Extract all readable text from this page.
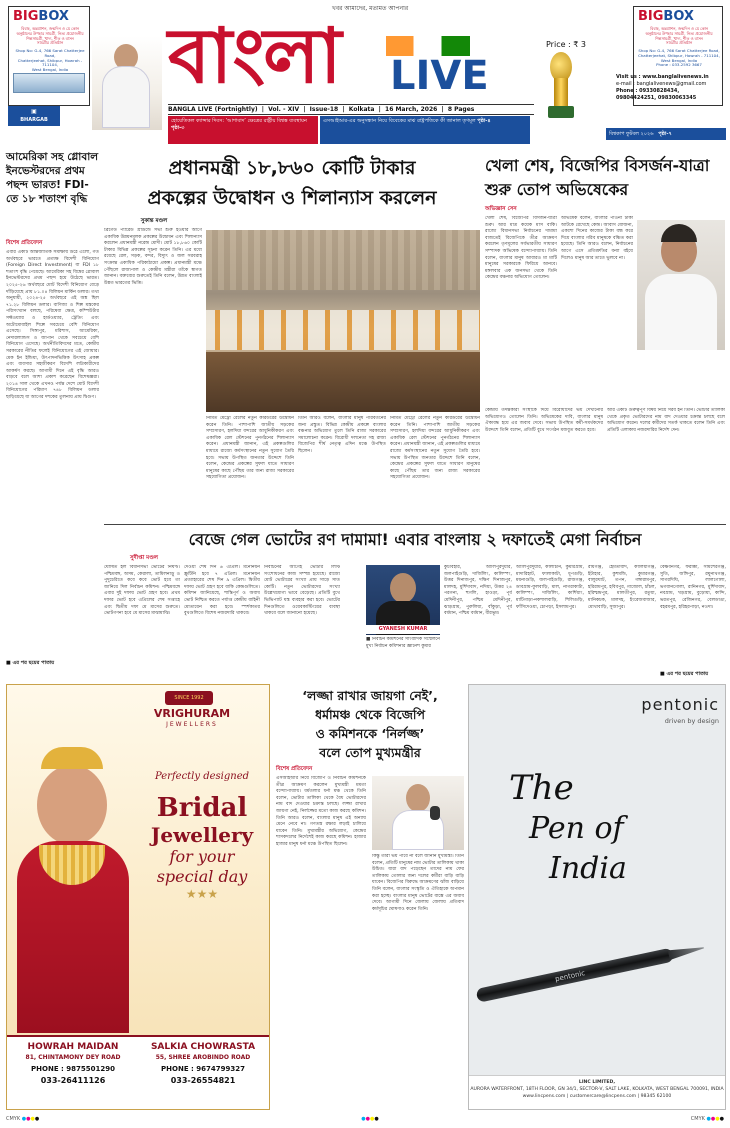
খবর আমাদের, মতামত আপনার
BIGBOX
বিবাহ, অন্নপ্রাশন, জন্মদিন ও যে কোন
অনুষ্ঠানের উপহার সামগ্রী, নিত্য প্রয়োজনীয়
শিল্পসামগ্রী, খাদ্য, শীত ও বাসন
সামগ্রীর প্রতিষ্ঠান
Shop No: G-4, 766 Sarat Chatterjee Road,
Chatterjeehat, Shibpur, Howrah - 711104,
West Bengal, India
▣
BHARGAB
বাংলা LIVE
Price : ₹ 3
BIGBOX
বিবাহ, অন্নপ্রাশন, জন্মদিন ও যে কোন
অনুষ্ঠানের উপহার সামগ্রী, নিত্য প্রয়োজনীয়
শিল্পসামগ্রী, খাদ্য, শীত ও বাসন
সামগ্রীর প্রতিষ্ঠান
Shop No: G-4, 766 Sarat Chatterjee Road,
Chatterjeehat, Shibpur, Howrah - 711104,
West Bengal, India
Phone : 033-2592 3667
Visit us : www.banglalivenews.in
e-mail : banglalivenews@gmail.com
Phone : 09330828434,
09804424251, 09830063345
BANGLA LIVE (Fortnightly)  |  Vol. - XIV  |  Issue-18  |  Kolkata  |  16 March, 2026  |  8 Pages
হোয়েতিকল ক্যান্সার দিবস: ‘আশাবাদ’ ক্ষেত্রের রাষ্ট্রীয় বিশ্বস্ত ব্যবস্থায়ন পৃষ্ঠা-৩
এসআইআর-এর অনুসন্ধান নিয়ে বিবেকের মাঝ রাষ্ট্রপতিকে কী জানাল তৃণমূল পৃষ্ঠা-৪
বিশ্বকাপ ফুটবল ২০২৬ পৃষ্ঠা-৭
আমেরিকা সহ গ্লোবাল ইনভেস্টরদের প্রথম পছন্দ ভারত! FDI-তে ১৮ শতাংশ বৃদ্ধি
বিশেষ প্রতিবেদন
এবার একটি আন্তর্জাতিক সমীক্ষায় উঠে এলো, গত অর্থবছরে ভারতে প্রত্যক্ষ বিদেশী বিনিয়োগ (Foreign Direct Investment) বা FDI ১৮ শতাংশ বৃদ্ধি পেয়েছে। আমেরিকা সহ বিশ্বের গ্লোবাল ইনভেস্টরদের প্রথম পছন্দ হয়ে উঠেছে ভারত। ২০২৫-২৬ অর্থবছরে মোট বিদেশী বিনিয়োগ বেড়ে দাঁড়িয়েছে প্রায় ৮১.০৪ বিলিয়ন মার্কিন ডলার। তথ্য অনুযায়ী, ২০২৪-২৫ অর্থবছরে এই অঙ্ক ছিল ৭১.২৮ বিলিয়ন ডলার। বাণিজ্য ও শিল্প মন্ত্রকের পরিসংখ্যান বলছে, পরিষেবা ক্ষেত্র, কম্পিউটার সফ্টওয়্যার ও হার্ডওয়্যার, ট্রেডিং এবং অটোমোবাইল শিল্পে সবচেয়ে বেশি বিনিয়োগ এসেছে। সিঙ্গাপুর, মরিশাস, আমেরিকা, নেদারল্যান্ডস ও জাপান থেকে সবচেয়ে বেশি বিনিয়োগ এসেছে। অর্থনীতিবিদদের মতে, কেন্দ্রীয় সরকারের নীতির ফলেই বিনিয়োগের এই জোয়ার। মেক ইন ইন্ডিয়া, উৎপাদনভিত্তিক উৎসাহ প্রকল্প এবং ব্যবসার সহজীকরণ বিদেশি লগ্নিকারীদের আকর্ষণ করছে। আগামী দিনে এই বৃদ্ধি আরও বাড়বে বলে আশা প্রকাশ করেছেন বিশেষজ্ঞরা। ২০১৪ সাল থেকে এখনও পর্যন্ত দেশে মোট বিদেশী বিনিয়োগের পরিমাণ ৭৪৮ বিলিয়ন ডলার ছাড়িয়েছে যা আগের দশকের তুলনায় প্রায় দ্বিগুণ।
■ এর পর ছয়ের পাতায়
প্রধানমন্ত্রী ১৮,৮৬০ কোটি টাকার
প্রকল্পের উদ্বোধন ও শিলান্যাস করলেন
সুকান্ত মণ্ডল
ব্রিগেড প্যারেড গ্রাউন্ডে সভা শুরু হওয়ার আগে একাধিক উন্নয়নমূলক প্রকল্পের উদ্বোধন এবং শিলান্যাস করলেন প্রধানমন্ত্রী নরেন্দ্র মোদী। মোট ১৮,৮৬০ কোটি টাকার বিভিন্ন প্রকল্পের সূচনা করেন তিনি। এর মধ্যে রয়েছে রেল, সড়ক, বন্দর, বিদ্যুৎ ও জল সরবরাহ সংক্রান্ত একাধিক পরিকাঠামো প্রকল্প। প্রধানমন্ত্রী মঞ্চে পৌঁছলে রাজ্যপাল ও কেন্দ্রীয় মন্ত্রীরা তাঁকে স্বাগত জানান। বক্তব্যের শুরুতেই তিনি বলেন, উন্নত বাংলাই উন্নত ভারতের ভিত্তি।
নির্মিত মেট্রো রেলের নতুন করিডরের উদ্বোধন করেন তিনি। পাশাপাশি জাতীয় সড়কের সম্প্রসারণ, হলদিয়া বন্দরের আধুনিকীকরণ এবং একাধিক রেল স্টেশনের পুনর্গঠনের শিলান্যাস করেন। প্রধানমন্ত্রী জানান, এই প্রকল্পগুলির মাধ্যমে রাজ্যে কর্মসংস্থানের নতুন সুযোগ তৈরি হবে। সভায় উপস্থিত জনতার উদ্দেশে তিনি বলেন, কেন্দ্রের প্রকল্পের সুফল যাতে সাধারণ মানুষের কাছে পৌঁছয় তার জন্য রাজ্য সরকারের সহযোগিতা প্রয়োজন।
তিনি আরও বলেন, বাংলার মানুষ পরিবর্তনের জন্য প্রস্তুত। বিভিন্ন কেন্দ্রীয় প্রকল্পে বাংলার বঞ্চনার অভিযোগ তুলে তিনি রাজ্য সরকারের সমালোচনা করেন। বিরোধী দলনেতা সহ রাজ্য বিজেপির শীর্ষ নেতৃত্ব এদিন মঞ্চে উপস্থিত ছিলেন।
নির্মিত মেট্রো রেলের নতুন করিডরের উদ্বোধন করেন তিনি। পাশাপাশি জাতীয় সড়কের সম্প্রসারণ, হলদিয়া বন্দরের আধুনিকীকরণ এবং একাধিক রেল স্টেশনের পুনর্গঠনের শিলান্যাস করেন। প্রধানমন্ত্রী জানান, এই প্রকল্পগুলির মাধ্যমে রাজ্যে কর্মসংস্থানের নতুন সুযোগ তৈরি হবে। সভায় উপস্থিত জনতার উদ্দেশে তিনি বলেন, কেন্দ্রের প্রকল্পের সুফল যাতে সাধারণ মানুষের কাছে পৌঁছয় তার জন্য রাজ্য সরকারের সহযোগিতা প্রয়োজন।
খেলা শেষ, বিজেপির বিসর্জন-যাত্রা শুরু তোপ অভিষেকের
অভিজ্ঞান সেন
খেলা শেষ, বিজেপির বিসর্জন-যাত্রা শুরু। আর মাত্র কয়েক মাস বাকি। রাজ্যে বিধানসভা নির্বাচনের দামামা বাজতেই বিজেপিকে তীব্র আক্রমণ করলেন তৃণমূলের সর্বভারতীয় সাধারণ সম্পাদক অভিষেক বন্দ্যোপাধ্যায়। তিনি বলেন, বাংলার মানুষ আবারও মা মাটি মানুষের সরকারকে ফিরিয়ে আনবে। মঙ্গলবার এক জনসভা থেকে তিনি কেন্দ্রের বঞ্চনার অভিযোগ তোলেন।
অভিষেক বলেন, বাংলার পাওনা টাকা আটকে রেখেছে কেন্দ্র। আবাস যোজনা, একশো দিনের কাজের টাকা বন্ধ করে দিয়ে বাংলার গরিব মানুষকে বঞ্চিত করা হয়েছে। তিনি আরও বলেন, নির্বাচনের আগে এসে প্রতিশ্রুতির বন্যা বইয়ে দিলেও মানুষ আর তাতে ভুলবে না।
কেন্দ্রীয় তদন্তকারী সংস্থাকে দিয়ে বিরোধীদের ভয় দেখানোর অভিযোগও তোলেন তিনি। অভিষেকের দাবি, বাংলার মানুষ ঐক্যবদ্ধ হয়ে এর জবাব দেবে। সভায় উপস্থিত কর্মী-সমর্থকদের উদ্দেশে তিনি বলেন, প্রতিটি বুথে সংগঠন মজবুত করতে হবে।
আর একটি গুরুত্বপূর্ণ বিষয় নিয়ে সরব হন তিনি। ভোটার তালিকা থেকে প্রকৃত ভোটারদের নাম বাদ দেওয়ার চক্রান্ত চলছে বলে অভিযোগ করেন। দলের কর্মীদের সতর্ক থাকতে বলেন তিনি এবং প্রতিটি এলাকায় নজরদারির নির্দেশ দেন।
বেজে গেল ভোটের রণ দামামা! এবার বাংলায় ২ দফাতেই মেগা নির্বাচন
সুদীপ্তা মণ্ডল
ঘোষিত হল বিধানসভা ভোটের নির্ঘণ্ট। পশ্চিমবঙ্গ, অসম, কেরালা, তামিলনাড়ু ও পুদুচেরিতে কবে কবে ভোট হবে তা জানিয়ে দিল নির্বাচন কমিশন। পশ্চিমবঙ্গে এবার দুই দফায় ভোট গ্রহণ হবে। প্রথম দফার ভোট হবে এপ্রিলের শেষ সপ্তাহে এবং দ্বিতীয় দফা মে মাসের শুরুতে। ভোটগণনা হবে মে মাসের মাঝামাঝি।
দেওয়া শেষ দিন ৬ এপ্রিল। মনোনয়ন স্ক্রুটিনি হবে ৭ এপ্রিল। মনোনয়ন প্রত্যাহারের শেষ দিন ৯ এপ্রিল। দ্বিতীয় দফায় ভোট গ্রহণ হবে বাকি কেন্দ্রগুলিতে। কমিশন জানিয়েছে, শান্তিপূর্ণ ও অবাধ ভোট নিশ্চিত করতে পর্যাপ্ত কেন্দ্রীয় বাহিনী মোতায়েন করা হবে। স্পর্শকাতর বুথগুলিতে বিশেষ নজরদারি থাকবে।
নির্বাচনের আগেই ভোটার লিস্ট সংশোধনের কাজ সম্পন্ন হয়েছে। রাজ্যে মোট ভোটারের সংখ্যা প্রায় সাড়ে সাত কোটি। নতুন ভোটারদের সংখ্যা উল্লেখযোগ্য ভাবে বেড়েছে। প্রতিটি বুথে ভিভিপ্যাট যন্ত্র ব্যবহার করা হবে। ভোটের দিনগুলিতে ওয়েবকাস্টিংয়ের ব্যবস্থা থাকবে বলে জানানো হয়েছে।
GYANESH KUMAR
■ নির্বাচন কমিশনের সাংবাদিক সম্মেলনে মুখ্য নির্বাচন কমিশনার জ্ঞানেশ কুমার
কুচবিহার, আলিপুরদুয়ার, জলপাইগুড়ি, দার্জিলিং, কালিম্পং, উত্তর দিনাজপুর, দক্ষিণ দিনাজপুর, মালদহ, মুর্শিদাবাদ, নদিয়া, উত্তর ২৪ পরগনা, হুগলি, হাওড়া, পূর্ব মেদিনীপুর, পশ্চিম মেদিনীপুর, ঝাড়গ্রাম, পুরুলিয়া, বাঁকুড়া, পূর্ব বর্ধমান, পশ্চিম বর্ধমান, বীরভূম।
আলিপুরদুয়ার, কালচিনি, কুমারগ্রাম, মাদারিহাট, ফালাকাটা, ধূপগুড়ি, ময়নাগুড়ি, জলপাইগুড়ি, রাজগঞ্জ, ডাবগ্রাম-ফুলবাড়ি, মাল, নাগরাকাটা, কালিম্পং, দার্জিলিং, কার্শিয়াং, মাটিগাড়া-নকশালবাড়ি, শিলিগুড়ি, ফাঁসিদেওয়া, চোপড়া, ইসলামপুর।
রায়গঞ্জ, হেমতাবাদ, কালিয়াগঞ্জ, ইটাহার, কুশমন্ডি, কুমারগঞ্জ, বালুরঘাট, তপন, গঙ্গারামপুর, হরিরামপুর, হবিবপুর, গাজোল, চাঁচল, হরিশ্চন্দ্রপুর, মালতীপুর, রতুয়া, মানিকচক, মালদহ, ইংরেজবাজার, মোথাবাড়ি, সুজাপুর।
বৈষ্ণবনগর, ফরাক্কা, সামশেরগঞ্জ, সুতি, জঙ্গিপুর, রঘুনাথগঞ্জ, সাগরদিঘি, লালগোলা, ভগবানগোলা, রানিনগর, মুর্শিদাবাদ, নবগ্রাম, খড়গ্রাম, বুড়োয়া, কান্দি, ভরতপুর, রেজিনগর, বেলডাঙা, বহরমপুর, হরিহরপাড়া, নওদা।
■ এর পর ছয়ের পাতায়
SINCE 1992
VRIGHURAM
JEWELLERS
Perfectly designed
Bridal
Jewellery
for your
special day
★★★
HOWRAH MAIDAN
81, CHINTAMONY DEY ROAD
PHONE : 9875501290
033-26411126
SALKIA CHOWRASTA
55, SHREE AROBINDO ROAD
PHONE : 9674799327
033-26554821
‘লজ্জা রাখার জায়গা নেই’,
ধর্মামঞ্চ থেকে বিজেপি
ও কমিশনকে ‘নির্লজ্জ’
বলে তোপ মুখ্যমন্ত্রীর
বিশেষ প্রতিবেদন
এসআইআর নিয়ে বিজেপি ও নির্বাচন কমিশনকে তীব্র আক্রমণ করলেন মুখ্যমন্ত্রী মমতা বন্দ্যোপাধ্যায়। ধর্মতলার ধর্না মঞ্চ থেকে তিনি বলেন, ভোটার তালিকা থেকে বৈধ ভোটারদের নাম বাদ দেওয়ার চক্রান্ত চলছে। লজ্জা রাখার জায়গা নেই, নির্লজ্জের মতো কাজ করছে কমিশন। তিনি আরও বলেন, বাংলার মানুষ এই অন্যায় মেনে নেবে না। গণতন্ত্র রক্ষার লড়াই চালিয়ে যাবেন তিনি। মুখ্যমন্ত্রীর অভিযোগ, কেন্দ্রের শাসকদলের নির্দেশেই কাজ করছে কমিশন। হাজার হাজার মানুষ ধর্না মঞ্চে উপস্থিত ছিলেন।
কিন্তু তারা ভয় পাবে না বলে জানান মুখ্যমন্ত্রী। তিনি বলেন, প্রতিটি মানুষের নাম ভোটার তালিকায় থাকা উচিত। যারা বাদ পড়েছেন তাদের নাম ফের তালিকায় তোলার জন্য দলের কর্মীরা বাড়ি বাড়ি যাবেন। বিজেপির বিরুদ্ধে আক্রমণের ঝাঁজ বাড়িয়ে তিনি বলেন, বাংলার সংস্কৃতি ও ঐতিহ্যকে অপমান করা হচ্ছে। বাংলার মানুষ ভোটের বাক্সে এর জবাব দেবে। আগামী দিনে জেলায় জেলায় প্রতিবাদ কর্মসূচির ঘোষণাও করেন তিনি।
pentonic
driven by design
The
Pen of
India
pentonic
LINC LIMITED,
AURORA WATERFRONT, 18TH FLOOR, GN 34/1, SECTOR-V, SALT LAKE, KOLKATA, WEST BENGAL 700091, INDIA
www.lincpens.com | customercare@lincpens.com | 98345 62100
CMYK ●●●●	●●●●	CMYK ●●●●
